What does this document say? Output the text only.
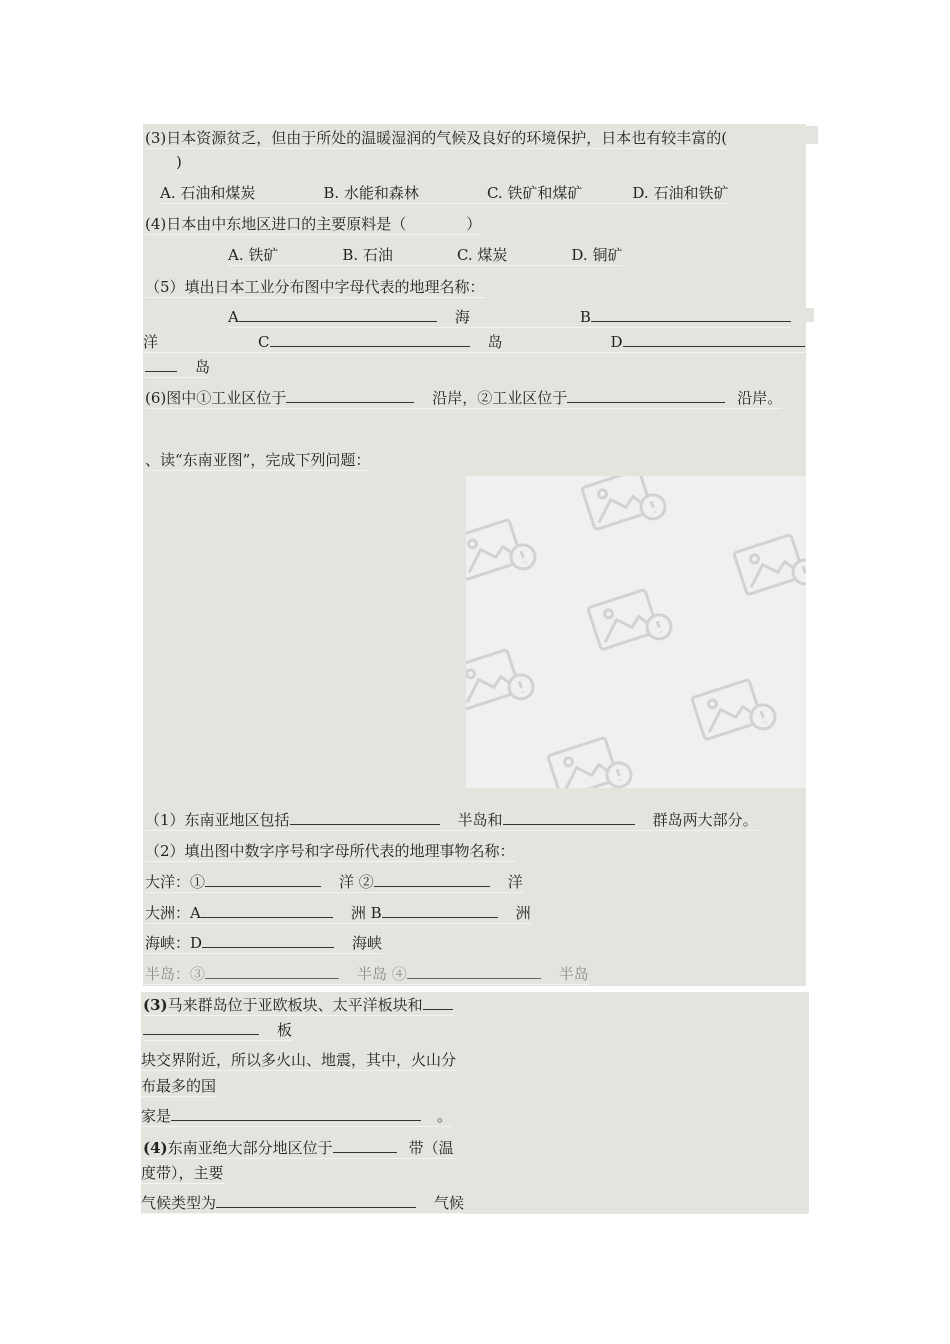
(3)日本资源贫乏，但由于所处的温暖湿润的气候及良好的环境保护，日本也有较丰富的(
)
A. 石油和煤炭	B. 水能和森林	C. 铁矿和煤矿	D. 石油和铁矿
(4)日本由中东地区进口的主要原料是（　　　　）
A. 铁矿	B. 石油	C. 煤炭	D. 铜矿
（5）填出日本工业分布图中字母代表的地理名称：
A	海	B
洋	C	岛	D
岛
(6)图中①工业区位于	沿岸，②工业区位于	沿岸。
、读“东南亚图”，完成下列问题：
（1）东南亚地区包括	半岛和	群岛两大部分。
（2）填出图中数字序号和字母所代表的地理事物名称：
大洋：①	洋 ②	洋
大洲：A	洲 B	洲
海峡：D	海峡
半岛：③	半岛 ④	半岛
(3)马来群岛位于亚欧板块、太平洋板块和
板
块交界附近，所以多火山、地震，其中，火山分
布最多的国
家是	。
(4)东南亚绝大部分地区位于	带（温
度带），主要
气候类型为	气候
